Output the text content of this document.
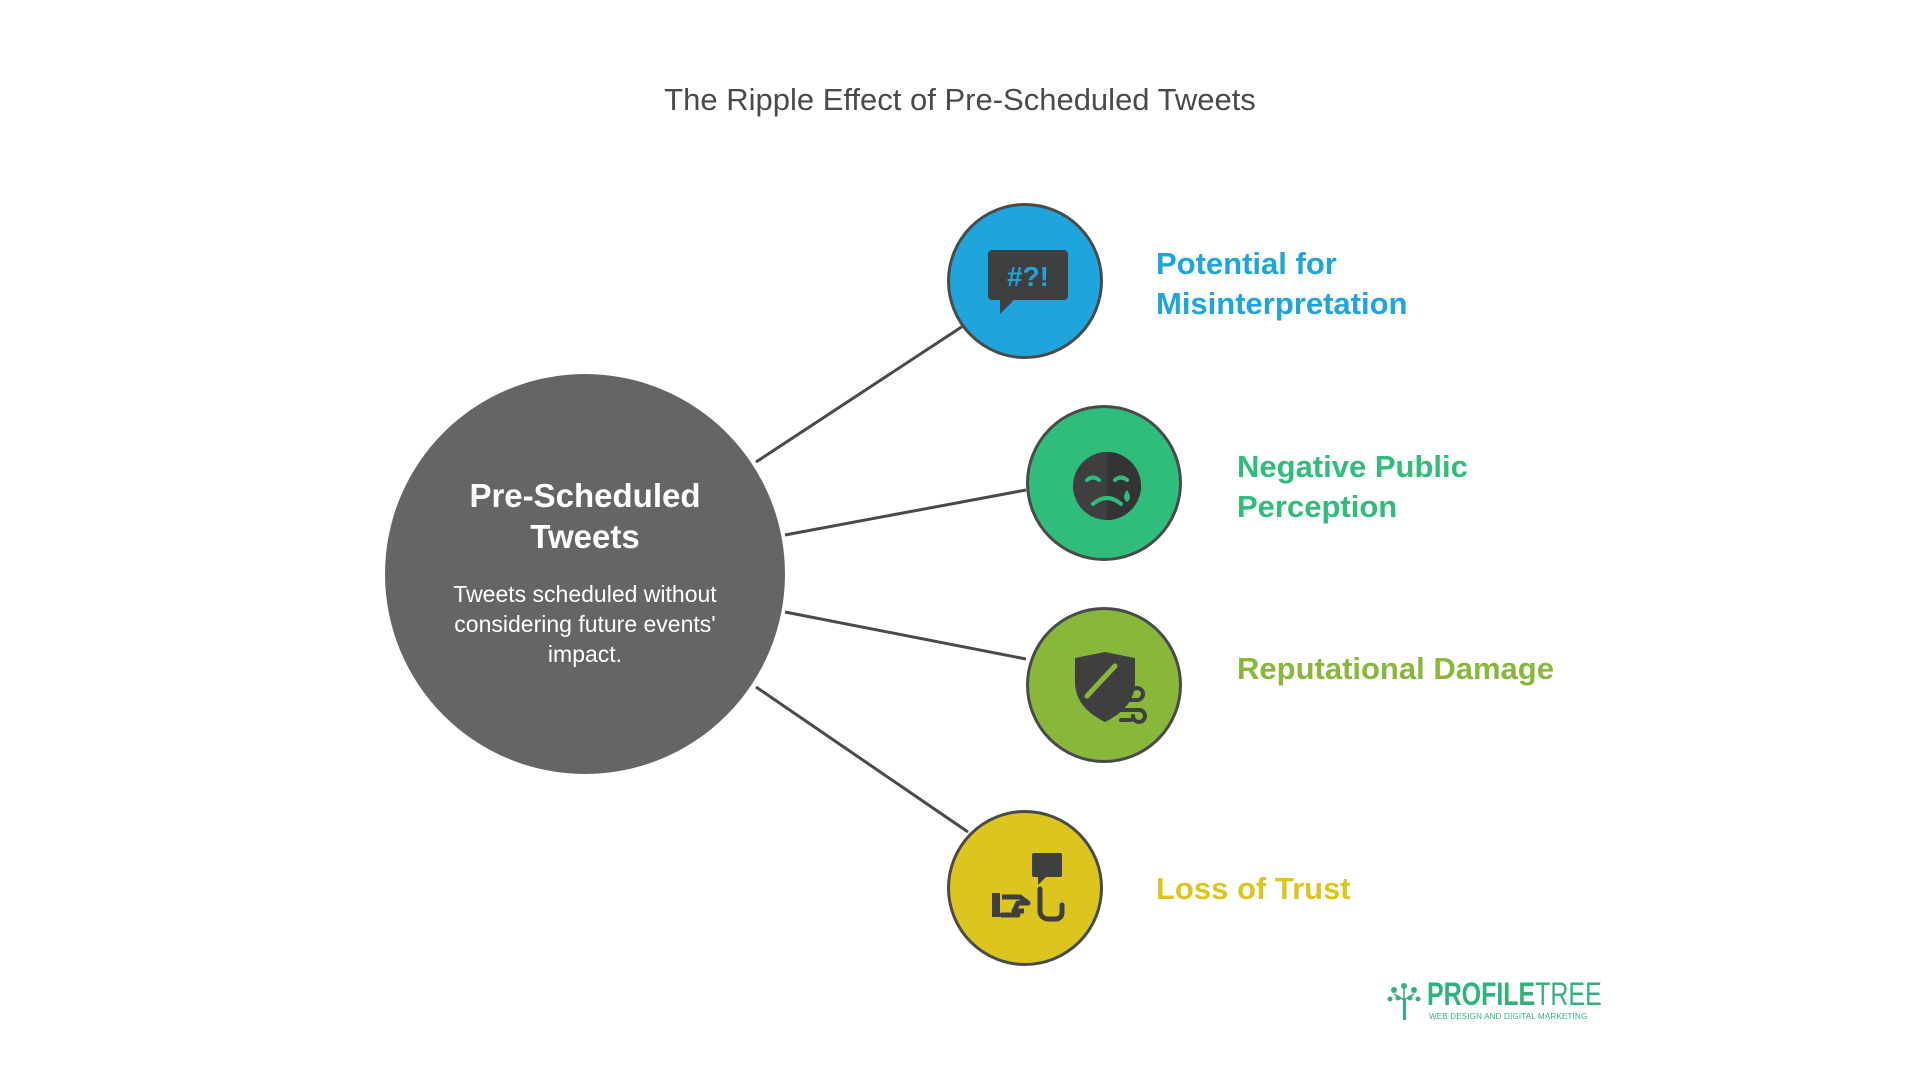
The Ripple Effect of Pre-Scheduled Tweets
Pre-Scheduled Tweets
Tweets scheduled without considering future events' impact.
#?!	Potential for Misinterpretation
Negative Public Perception
Reputational Damage
Loss of Trust
PROFILETREE
WEB DESIGN AND DIGITAL MARKETING
